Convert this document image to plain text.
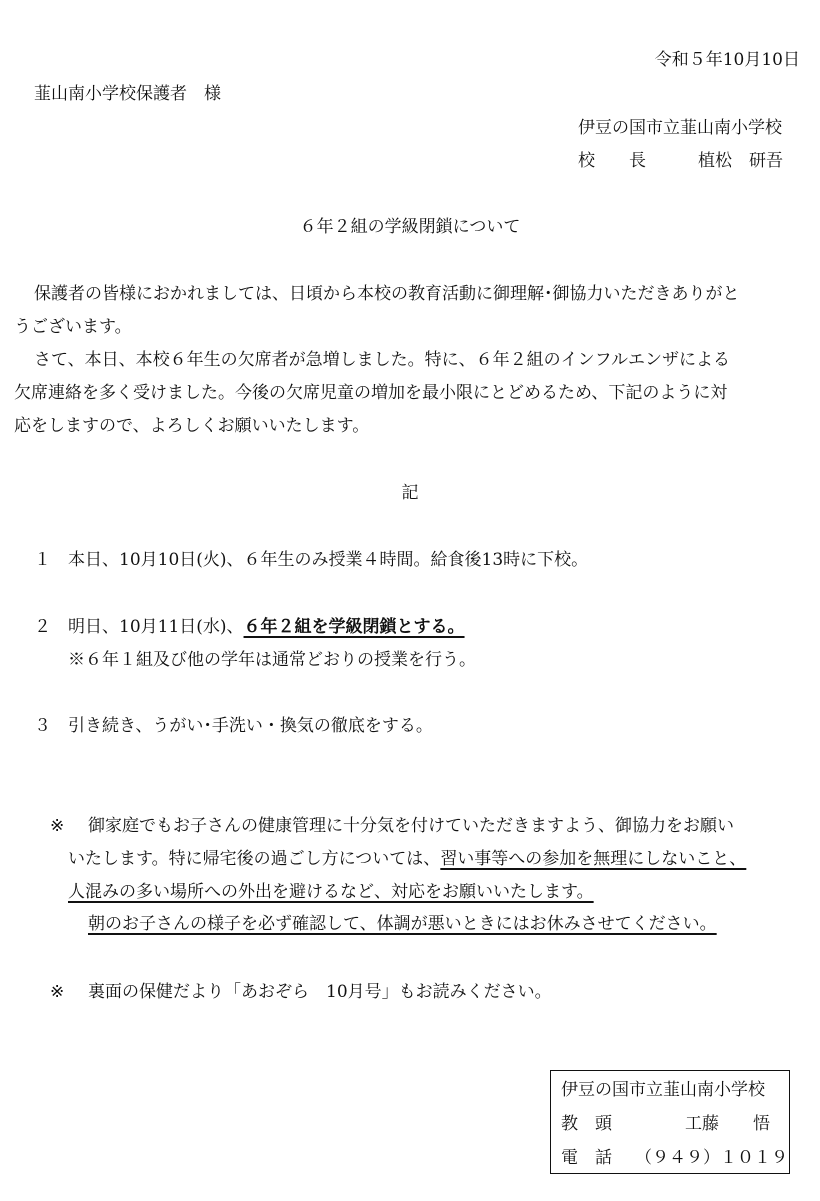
令和５年10月10日
韮山南小学校保護者　様
伊豆の国市立韮山南小学校
校　　長	植松　研吾
６年２組の学級閉鎖について
保護者の皆様におかれましては、日頃から本校の教育活動に御理解･御協力いただきありがと
うございます。
さて、本日、本校６年生の欠席者が急増しました。特に、６年２組のインフルエンザによる
欠席連絡を多く受けました。今後の欠席児童の増加を最小限にとどめるため、下記のように対
応をしますので、よろしくお願いいたします。
記
１ 本日、10月10日(火)、６年生のみ授業４時間。給食後13時に下校。
２ 明日、10月11日(水)、６年２組を学級閉鎖とする。
※６年１組及び他の学年は通常どおりの授業を行う。
３ 引き続き、うがい･手洗い・換気の徹底をする。
※ 御家庭でもお子さんの健康管理に十分気を付けていただきますよう、御協力をお願い
いたします。特に帰宅後の過ごし方については、習い事等への参加を無理にしないこと、
人混みの多い場所への外出を避けるなど、対応をお願いいたします。
朝のお子さんの様子を必ず確認して、体調が悪いときにはお休みさせてください。
※ 裏面の保健だより「あおぞら　10月号」もお読みください。
伊豆の国市立韮山南小学校
教　頭	工藤　　悟
電　話 （９４９）１０１９
